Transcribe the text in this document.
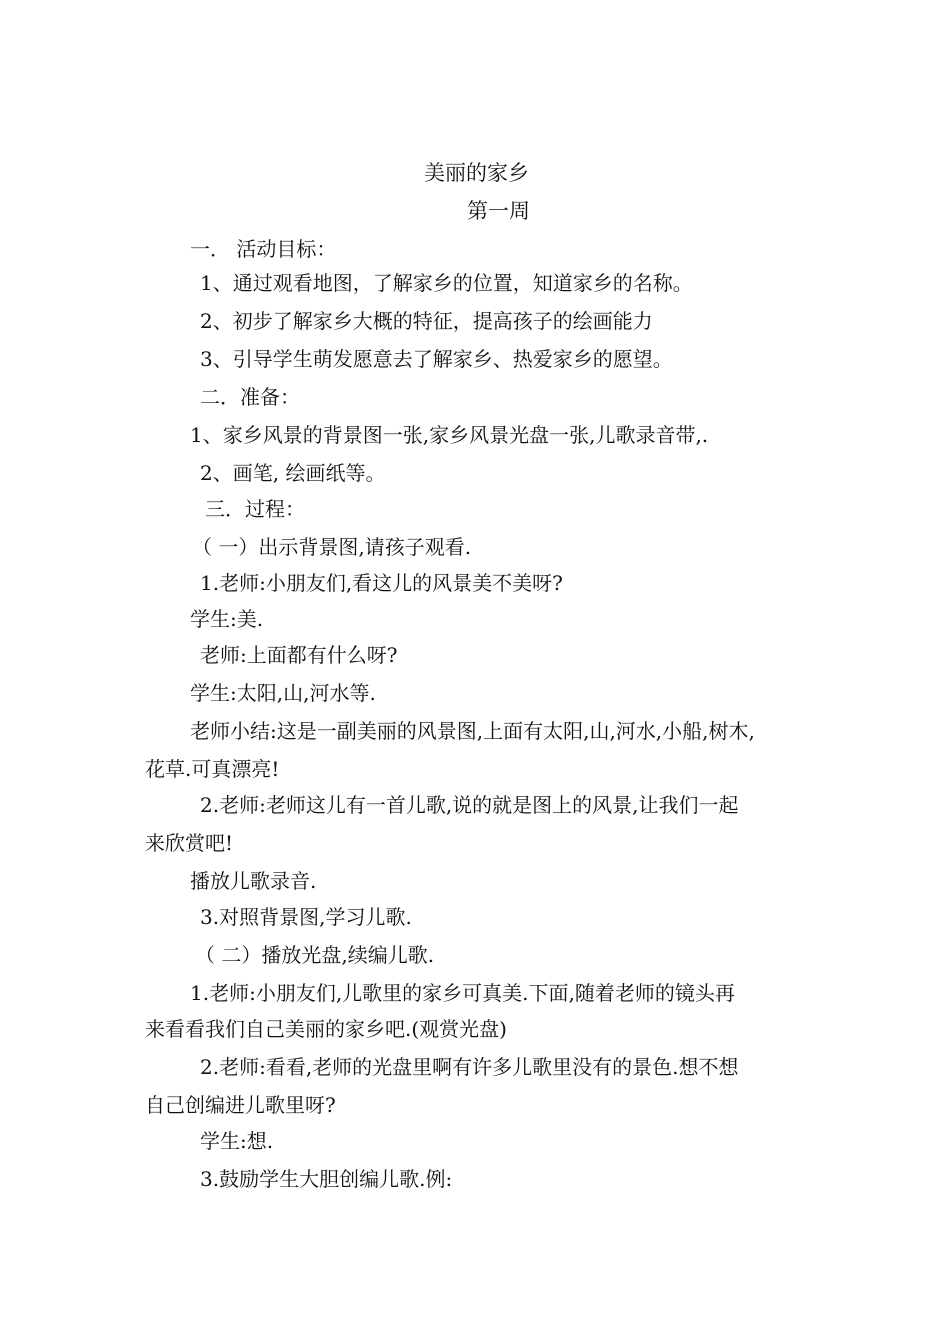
美丽的家乡
第一周
一． 活动目标：
1、通过观看地图，了解家乡的位置，知道家乡的名称。
2、初步了解家乡大概的特征，提高孩子的绘画能力
3、引导学生萌发愿意去了解家乡、热爱家乡的愿望。
二．准备：
1、家乡风景的背景图一张,家乡风景光盘一张,儿歌录音带,.
2、画笔, 绘画纸等。
三．过程：
（ 一）出示背景图,请孩子观看.
1.老师:小朋友们,看这儿的风景美不美呀?
学生:美.
老师:上面都有什么呀?
学生:太阳,山,河水等.
老师小结:这是一副美丽的风景图,上面有太阳,山,河水,小船,树木,
花草.可真漂亮!
2.老师:老师这儿有一首儿歌,说的就是图上的风景,让我们一起
来欣赏吧!
播放儿歌录音.
3.对照背景图,学习儿歌.
（ 二）播放光盘,续编儿歌.
1.老师:小朋友们,儿歌里的家乡可真美.下面,随着老师的镜头再
来看看我们自己美丽的家乡吧.(观赏光盘)
2.老师:看看,老师的光盘里啊有许多儿歌里没有的景色.想不想
自己创编进儿歌里呀?
学生:想.
3.鼓励学生大胆创编儿歌.例:
